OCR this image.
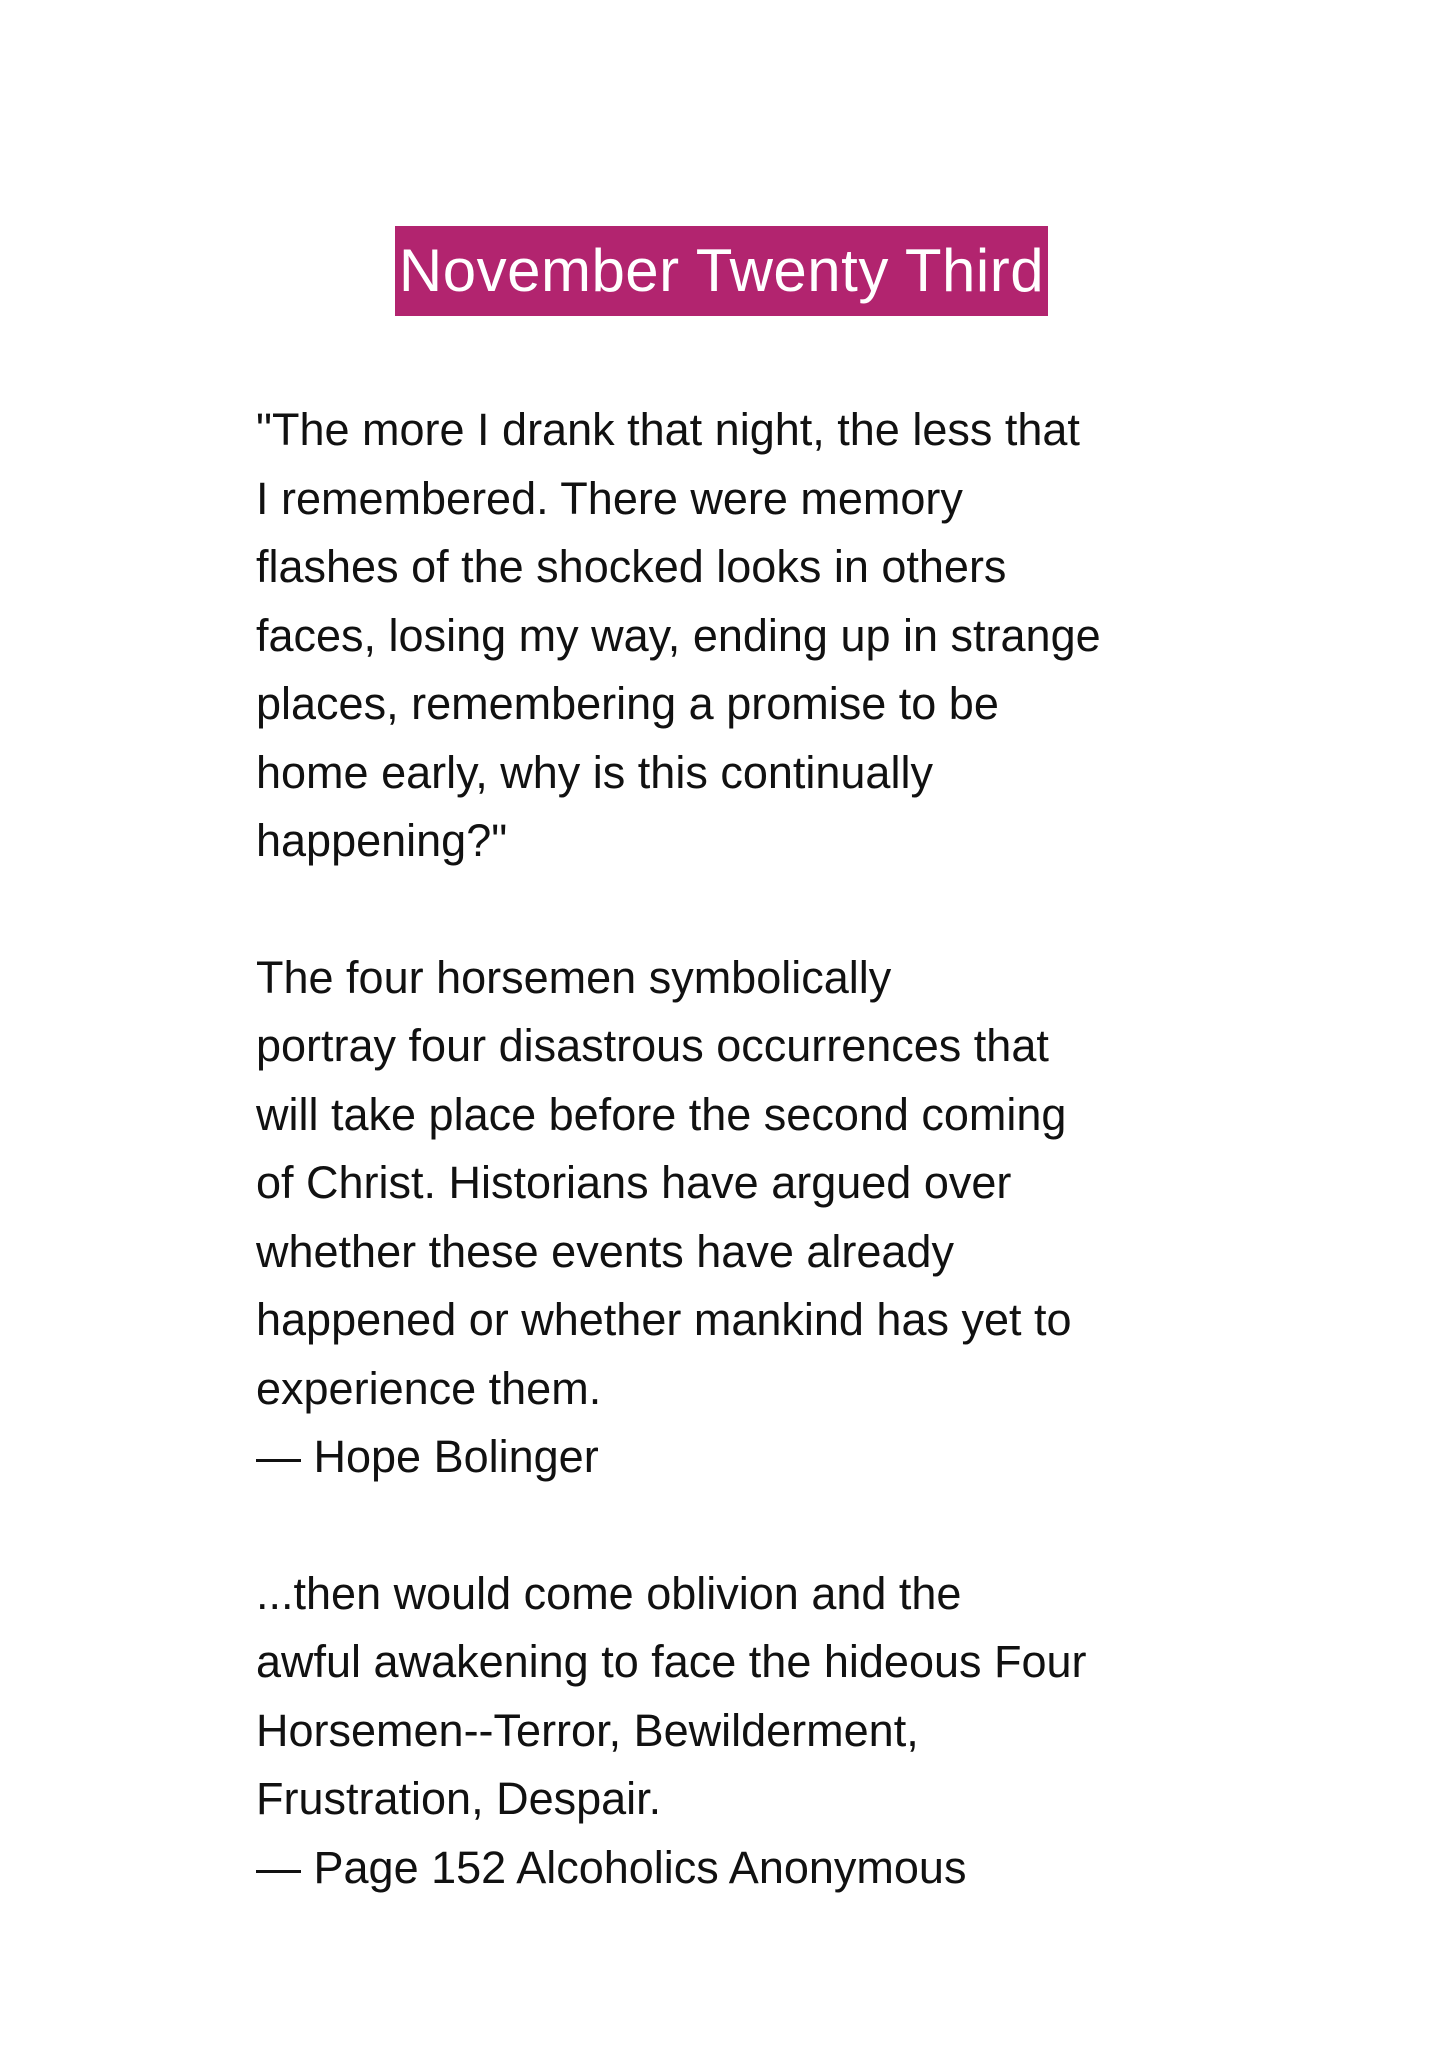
November Twenty Third
"The more I drank that night, the less that
I remembered. There were memory
flashes of the shocked looks in others
faces, losing my way, ending up in strange
places, remembering a promise to be
home early, why is this continually
happening?"
The four horsemen symbolically
portray four disastrous occurrences that
will take place before the second coming
of Christ. Historians have argued over
whether these events have already
happened or whether mankind has yet to
experience them.
— Hope Bolinger
...then would come oblivion and the
awful awakening to face the hideous Four
Horsemen--Terror, Bewilderment,
Frustration, Despair.
— Page 152 Alcoholics Anonymous
